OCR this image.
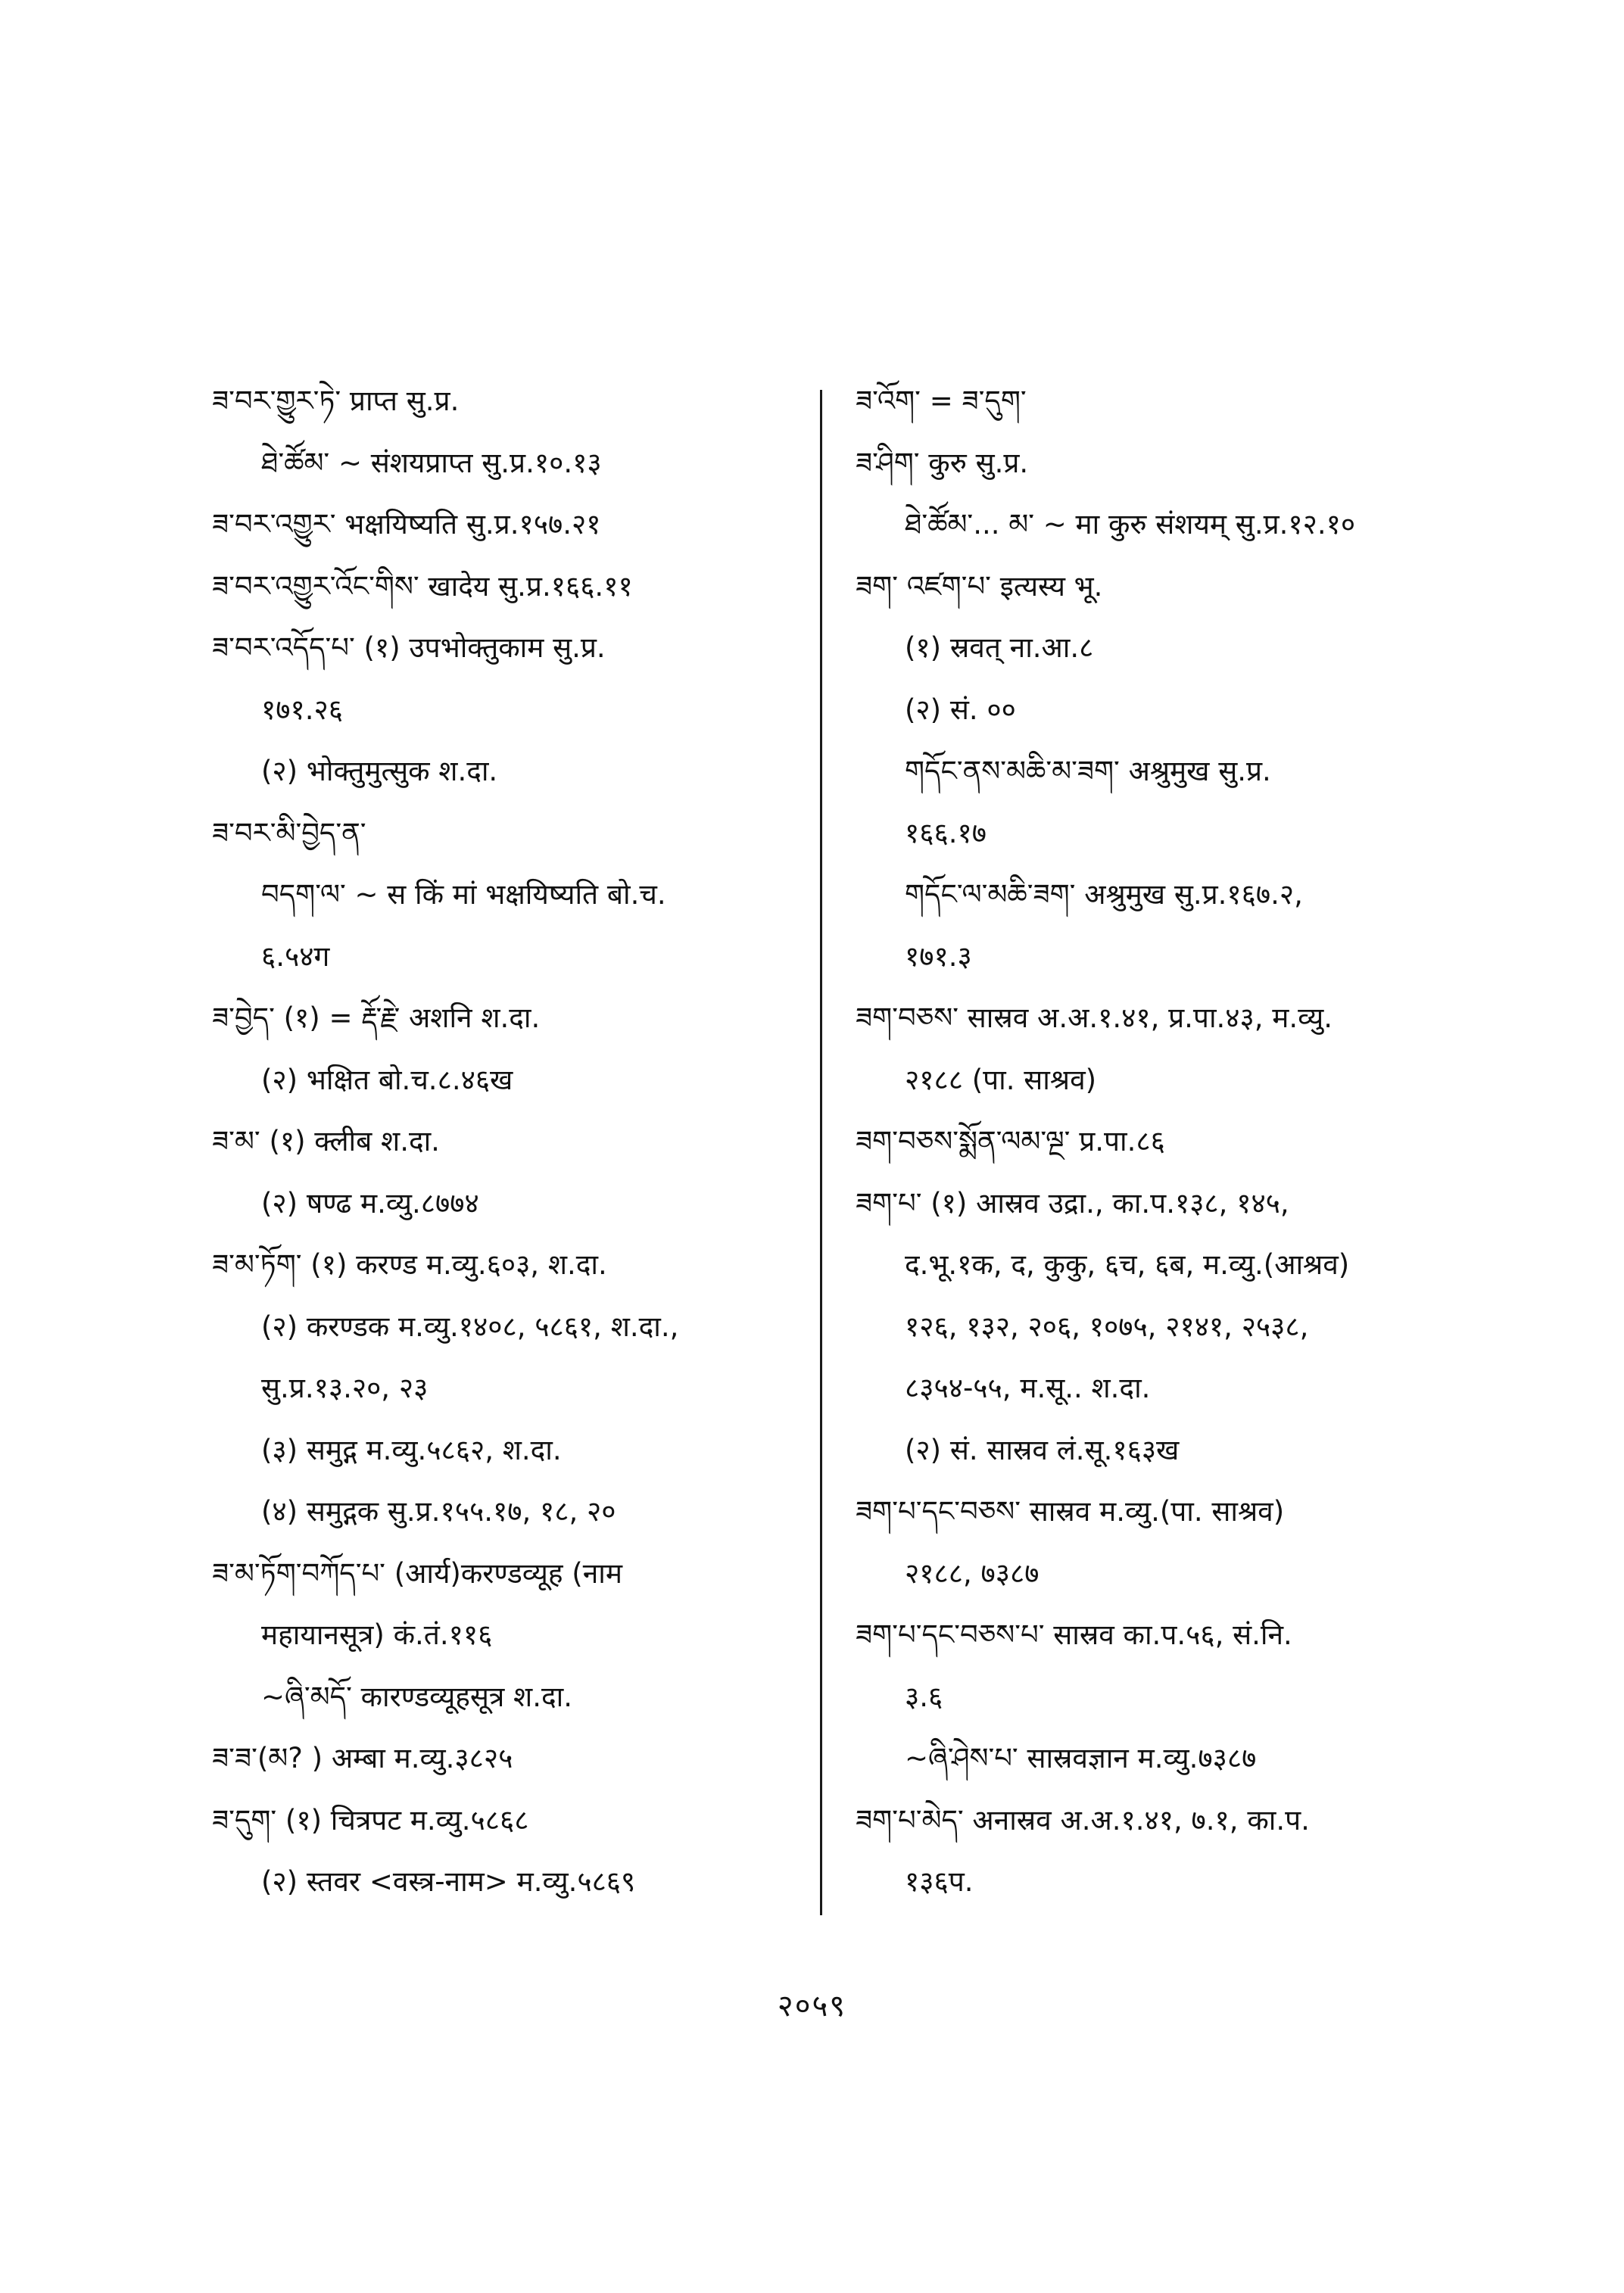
ཟ་བར་གྱུར་ཏེ་ प्राप्त सु.प्र.
ཐེ་ཚོམ་ ~ संशयप्राप्त सु.प्र.१०.१३
ཟ་བར་འགྱུར་ भक्षयिष्यति सु.प्र.१५७.२१
ཟ་བར་འགྱུར་འོང་གིས་ खादेय सु.प्र.१६६.११
ཟ་བར་འདོད་པ་ (१) उपभोक्तुकाम सु.प्र.
१७१.२६
(२) भोक्तुमुत्सुक श.दा.
ཟ་བར་མི་བྱེད་ན་
བདག་ལ་ ~ स किं मां भक्षयिष्यति बो.च.
६.५४ग
ཟ་བྱེད་ (१) = རྡོ་རྗེ་ अशनि श.दा.
(२) भक्षित बो.च.८.४६ख
ཟ་མ་ (१) क्लीब श.दा.
(२) षण्ढ म.व्यु.८७७४
ཟ་མ་ཏོག་ (१) करण्ड म.व्यु.६०३, श.दा.
(२) करण्डक म.व्यु.१४०८, ५८६१, श.दा.,
सु.प्र.१३.२०, २३
(३) समुद्ग म.व्यु.५८६२, श.दा.
(४) समुद्गक सु.प्र.१५५.१७, १८, २०
ཟ་མ་ཏོག་བཀོད་པ་ (आर्य)करण्डव्यूह (नाम
महायानसूत्र) कं.तं.११६
~ཞི་མདོ་ कारण्डव्यूहसूत्र श.दा.
ཟ་ཟ་(མ? ) अम्बा म.व्यु.३८२५
ཟ་དུག་ (१) चित्रपट म.व्यु.५८६८
(२) स्तवर <वस्त्र-नाम> म.व्यु.५८६९
ཟ་འོག་ = ཟ་དུག་
ཟ་ཤིག་ कुरु सु.प्र.
ཐེ་ཚོམ་... མ་ ~ मा कुरु संशयम् सु.प्र.१२.१०
ཟག་ འཛག་པ་ इत्यस्य भू.
(१) स्रवत् ना.आ.८
(२) सं. ००
གདོང་ནས་མཆི་མ་ཟག་ अश्रुमुख सु.प्र.
१६६.१७
གདོང་ལ་མཆི་ཟག་ अश्रुमुख सु.प्र.१६७.२,
१७१.३
ཟག་བཅས་ सास्रव अ.अ.१.४१, प्र.पा.४३, म.व्यु.
२१८८ (पा. साश्रव)
ཟག་བཅས་སྨོན་ལམ་ལྔ་ प्र.पा.८६
ཟག་པ་ (१) आस्रव उद्रा., का.प.१३८, १४५,
द.भू.१क, द, कुकु, ६च, ६ब, म.व्यु.(आश्रव)
१२६, १३२, २०६, १०७५, २१४१, २५३८,
८३५४-५५, म.सू.. श.दा.
(२) सं. सास्रव लं.सू.१६३ख
ཟག་པ་དང་བཅས་ सास्रव म.व्यु.(पा. साश्रव)
२१८८, ७३८७
ཟག་པ་དང་བཅས་པ་ सास्रव का.प.५६, सं.नि.
३.६
~ཞི་ཤེས་པ་ सास्रवज्ञान म.व्यु.७३८७
ཟག་པ་མེད་ अनास्रव अ.अ.१.४१, ७.१, का.प.
१३६प.
२०५९
